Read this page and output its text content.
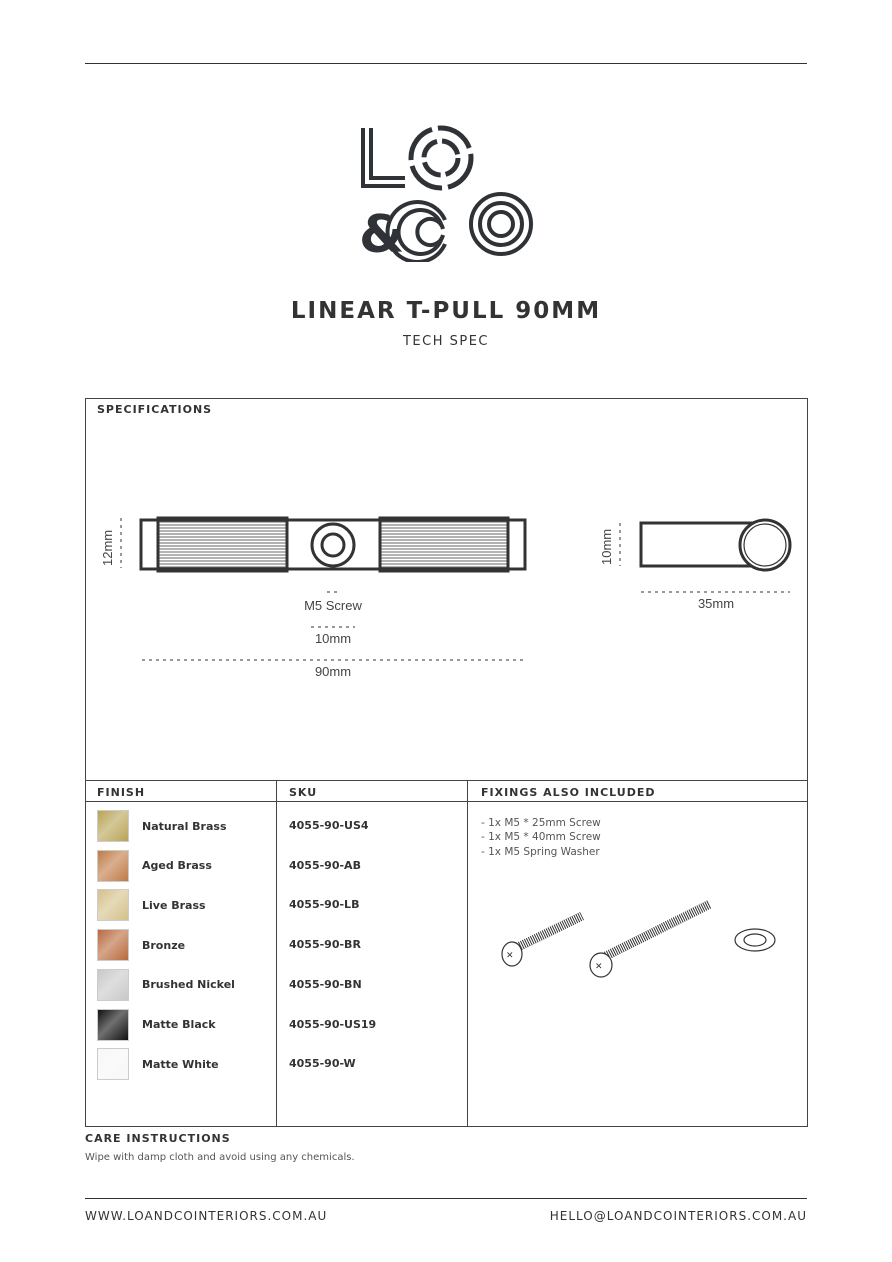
&
LINEAR T-PULL 90MM
TECH SPEC
SPECIFICATIONS
12mm	10mm
M5 Screw
10mm
90mm
35mm
FINISH	SKU	FIXINGS ALSO INCLUDED
Natural Brass	4055-90-US4
Aged Brass	4055-90-AB
Live Brass	4055-90-LB
Bronze	4055-90-BR
Brushed Nickel	4055-90-BN
Matte Black	4055-90-US19
Matte White	4055-90-W
- 1x M5 * 25mm Screw
- 1x M5 * 40mm Screw
- 1x M5 Spring Washer
✕
✕
CARE INSTRUCTIONS
Wipe with damp cloth and avoid using any chemicals.
WWW.LOANDCOINTERIORS.COM.AU	HELLO@LOANDCOINTERIORS.COM.AU
